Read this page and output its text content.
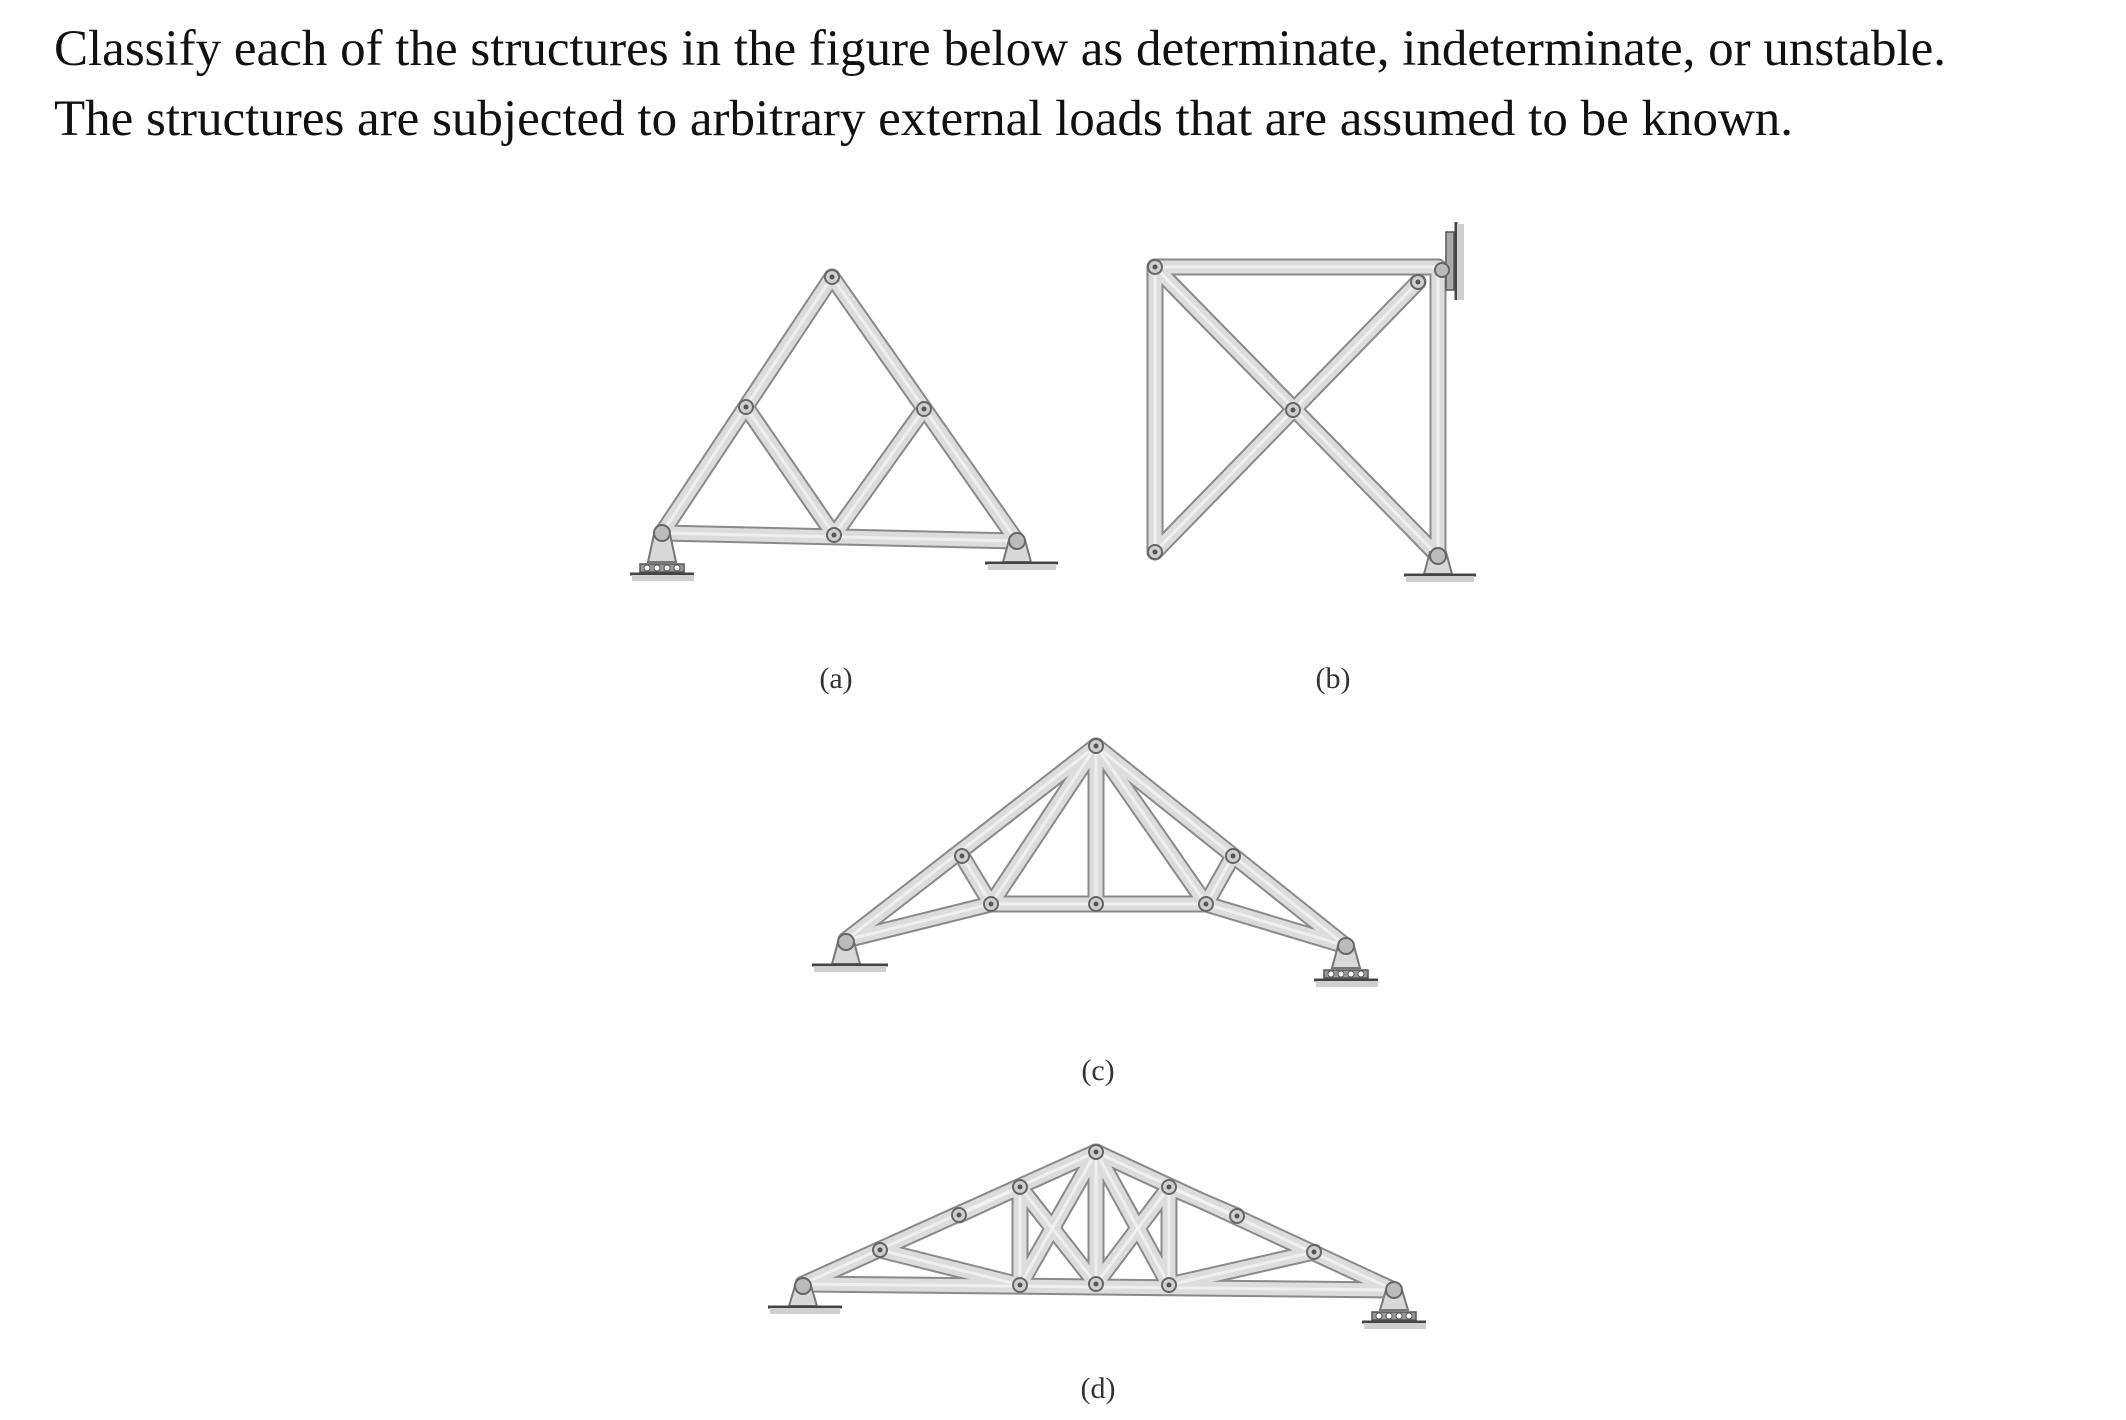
Classify each of the structures in the figure below as determinate, indeterminate, or unstable.
The structures are subjected to arbitrary external loads that are assumed to be known.
(a)	(b)
(c)
(d)
